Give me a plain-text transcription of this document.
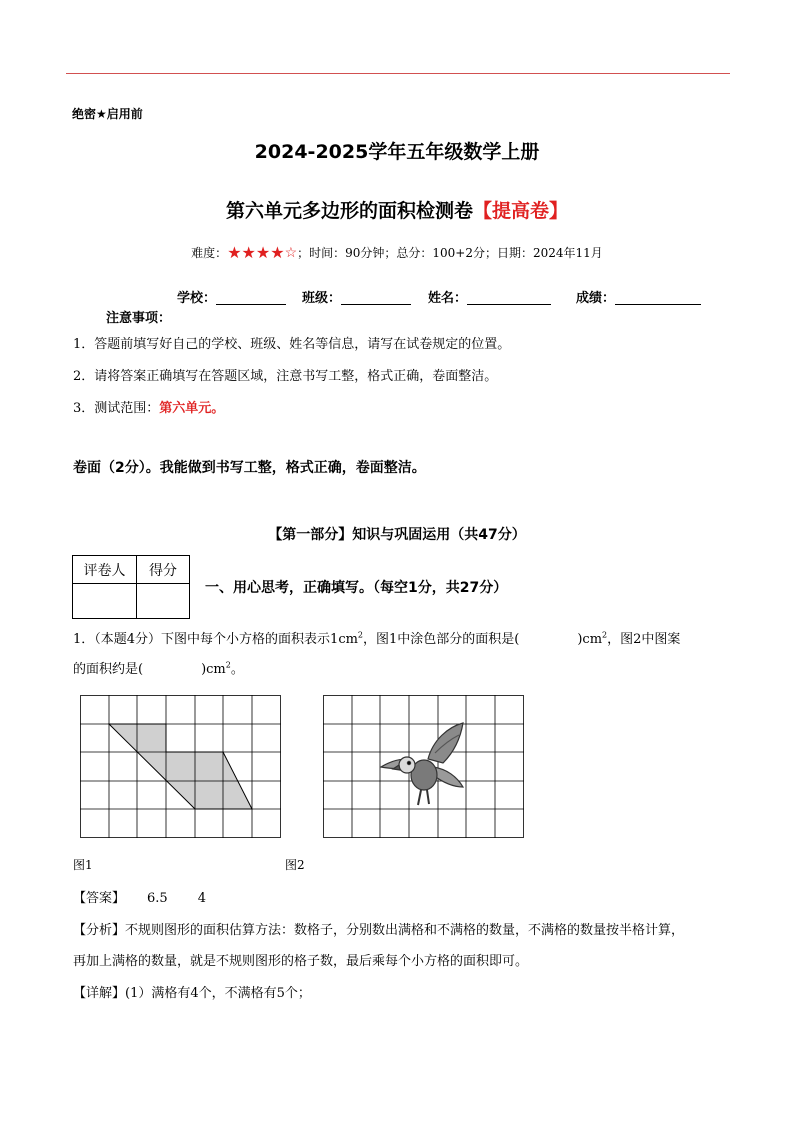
绝密★启用前
2024-2025学年五年级数学上册
第六单元多边形的面积检测卷【提高卷】
难度：★★★★☆；时间：90分钟；总分：100+2分；日期：2024年11月
学校：	班级：	姓名：	成绩：
注意事项：
1．答题前填写好自己的学校、班级、姓名等信息，请写在试卷规定的位置。
2．请将答案正确填写在答题区域，注意书写工整，格式正确，卷面整洁。
3．测试范围：第六单元。
卷面（2分）。我能做到书写工整，格式正确，卷面整洁。
【第一部分】知识与巩固运用（共47分）
评卷人	得分

一、用心思考，正确填写。（每空1分，共27分）
1．（本题4分）下图中每个小方格的面积表示$1cm^2$，图1中涂色部分的面积是(	)$cm^2$，图2中图案
的面积约是(	)$cm^2$。
图1	图2
【答案】 6.5 4
【分析】不规则图形的面积估算方法：数格子，分别数出满格和不满格的数量，不满格的数量按半格计算，
再加上满格的数量，就是不规则图形的格子数，最后乘每个小方格的面积即可。
【详解】(1）满格有4个，不满格有5个；
